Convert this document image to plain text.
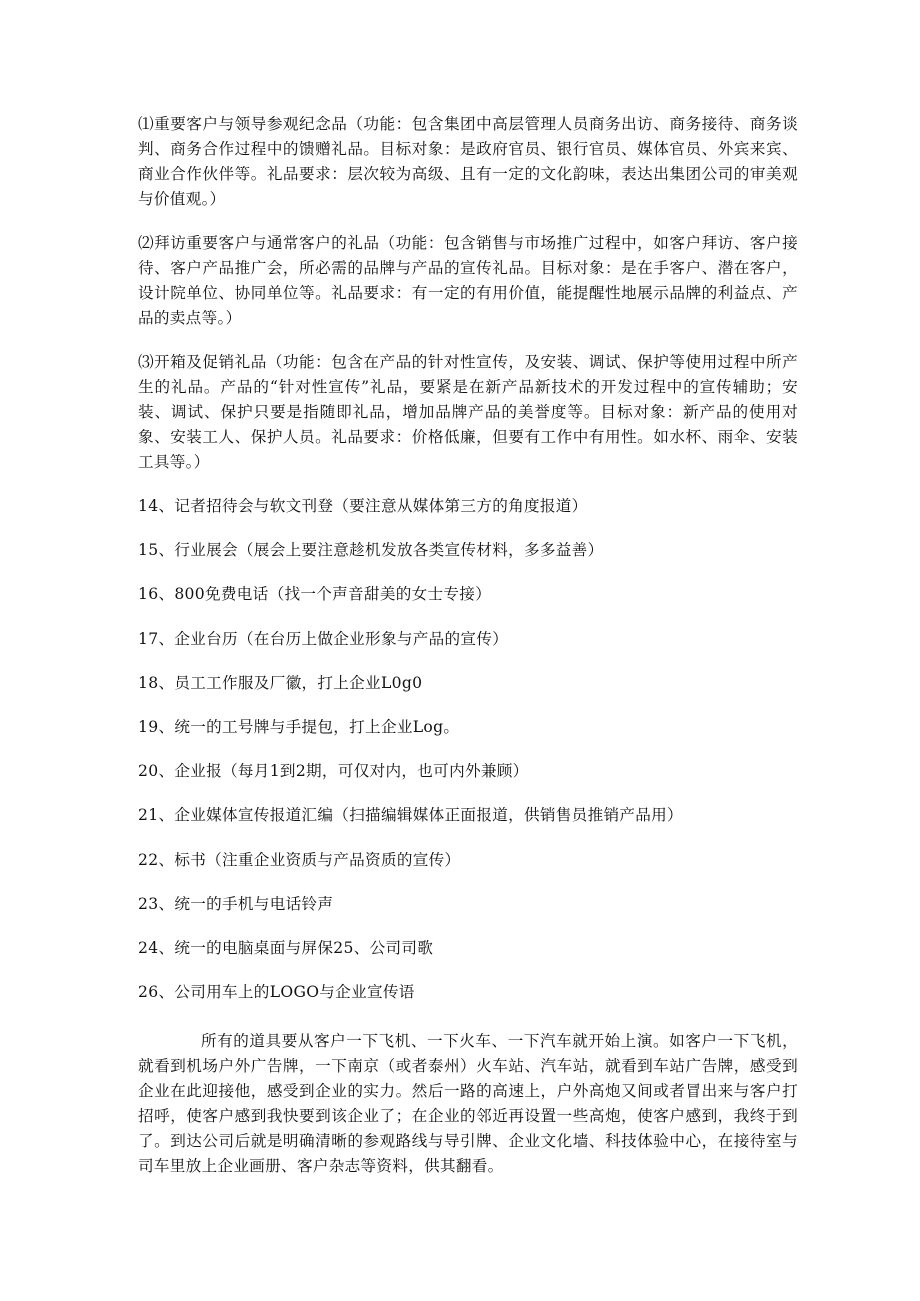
⑴重要客户与领导参观纪念品（功能：包含集团中高层管理人员商务出访、商务接待、商务谈判、商务合作过程中的馈赠礼品。目标对象：是政府官员、银行官员、媒体官员、外宾来宾、商业合作伙伴等。礼品要求：层次较为高级、且有一定的文化韵味，表达出集团公司的审美观与价值观。）

⑵拜访重要客户与通常客户的礼品（功能：包含销售与市场推广过程中，如客户拜访、客户接待、客户产品推广会，所必需的品牌与产品的宣传礼品。目标对象：是在手客户、潜在客户，设计院单位、协同单位等。礼品要求：有一定的有用价值，能提醒性地展示品牌的利益点、产品的卖点等。）

⑶开箱及促销礼品（功能：包含在产品的针对性宣传，及安装、调试、保护等使用过程中所产生的礼品。产品的“针对性宣传”礼品，要紧是在新产品新技术的开发过程中的宣传辅助；安装、调试、保护只要是指随即礼品，增加品牌产品的美誉度等。目标对象：新产品的使用对象、安装工人、保护人员。礼品要求：价格低廉，但要有工作中有用性。如水杯、雨伞、安装工具等。）

14、记者招待会与软文刊登（要注意从媒体第三方的角度报道）

15、行业展会（展会上要注意趁机发放各类宣传材料，多多益善）

16、800免费电话（找一个声音甜美的女士专接）

17、企业台历（在台历上做企业形象与产品的宣传）

18、员工工作服及厂徽，打上企业L0g0

19、统一的工号牌与手提包，打上企业Log。

20、企业报（每月1到2期，可仅对内，也可内外兼顾）

21、企业媒体宣传报道汇编（扫描编辑媒体正面报道，供销售员推销产品用）

22、标书（注重企业资质与产品资质的宣传）

23、统一的手机与电话铃声

24、统一的电脑桌面与屏保25、公司司歌

26、公司用车上的LOGO与企业宣传语

所有的道具要从客户一下飞机、一下火车、一下汽车就开始上演。如客户一下飞机，就看到机场户外广告牌，一下南京（或者泰州）火车站、汽车站，就看到车站广告牌，感受到企业在此迎接他，感受到企业的实力。然后一路的高速上，户外高炮又间或者冒出来与客户打招呼，使客户感到我快要到该企业了；在企业的邻近再设置一些高炮，使客户感到，我终于到了。到达公司后就是明确清晰的参观路线与导引牌、企业文化墙、科技体验中心，在接待室与司车里放上企业画册、客户杂志等资料，供其翻看。
